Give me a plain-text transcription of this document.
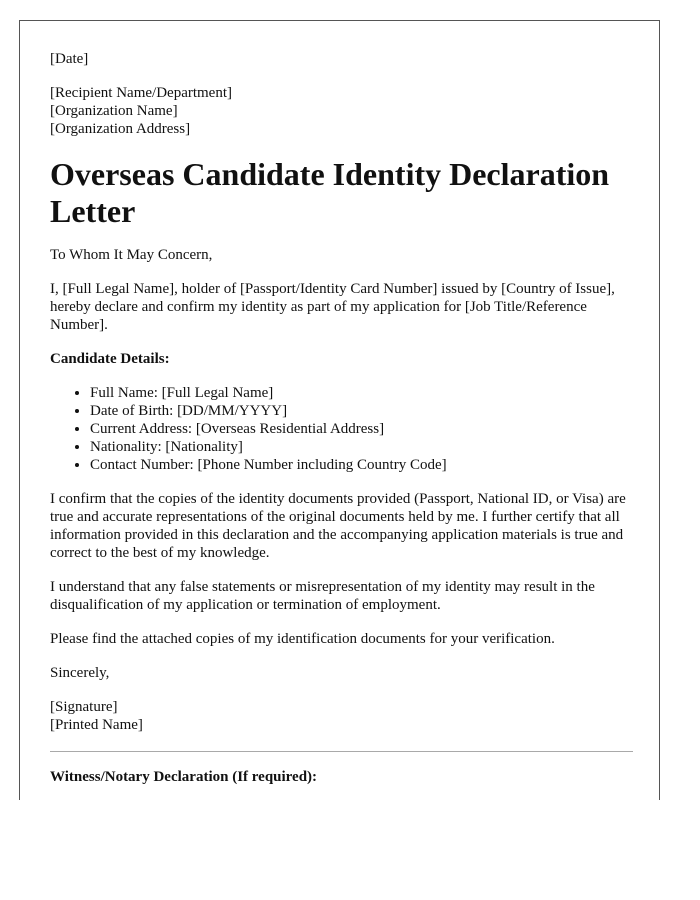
[Date]

[Recipient Name/Department]
[Organization Name]
[Organization Address]
Overseas Candidate Identity Declaration Letter

To Whom It May Concern,

I, [Full Legal Name], holder of [Passport/Identity Card Number] issued by [Country of Issue], hereby declare and confirm my identity as part of my application for [Job Title/Reference Number].

Candidate Details:

• Full Name: [Full Legal Name]
• Date of Birth: [DD/MM/YYYY]
• Current Address: [Overseas Residential Address]
• Nationality: [Nationality]
• Contact Number: [Phone Number including Country Code]

I confirm that the copies of the identity documents provided (Passport, National ID, or Visa) are true and accurate representations of the original documents held by me. I further certify that all information provided in this declaration and the accompanying application materials is true and correct to the best of my knowledge.

I understand that any false statements or misrepresentation of my identity may result in the disqualification of my application or termination of employment.

Please find the attached copies of my identification documents for your verification.

Sincerely,

[Signature]
[Printed Name]

Witness/Notary Declaration (If required):
